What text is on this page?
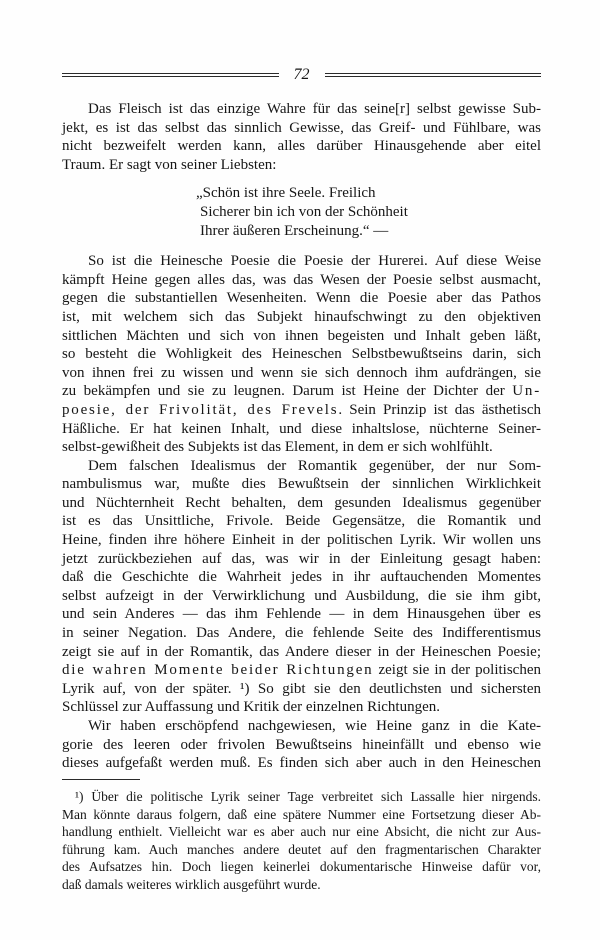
72
Das Fleisch ist das einzige Wahre für das seine[r] selbst gewisse Sub-
jekt, es ist das selbst das sinnlich Gewisse, das Greif- und Fühlbare, was
nicht bezweifelt werden kann, alles darüber Hinausgehende aber eitel
Traum. Er sagt von seiner Liebsten:
„Schön ist ihre Seele. Freilich
Sicherer bin ich von der Schönheit
Ihrer äußeren Erscheinung.“ —
So ist die Heinesche Poesie die Poesie der Hurerei. Auf diese Weise
kämpft Heine gegen alles das, was das Wesen der Poesie selbst ausmacht,
gegen die substantiellen Wesenheiten. Wenn die Poesie aber das Pathos
ist, mit welchem sich das Subjekt hinaufschwingt zu den objektiven
sittlichen Mächten und sich von ihnen begeisten und Inhalt geben läßt,
so besteht die Wohligkeit des Heineschen Selbstbewußtseins darin, sich
von ihnen frei zu wissen und wenn sie sich dennoch ihm aufdrängen, sie
zu bekämpfen und sie zu leugnen. Darum ist Heine der Dichter der Un-
poesie, der Frivolität, des Frevels. Sein Prinzip ist das ästhetisch
Häßliche. Er hat keinen Inhalt, und diese inhaltslose, nüchterne Seiner-
selbst-gewißheit des Subjekts ist das Element, in dem er sich wohlfühlt.
Dem falschen Idealismus der Romantik gegenüber, der nur Som-
nambulismus war, mußte dies Bewußtsein der sinnlichen Wirklichkeit
und Nüchternheit Recht behalten, dem gesunden Idealismus gegenüber
ist es das Unsittliche, Frivole. Beide Gegensätze, die Romantik und
Heine, finden ihre höhere Einheit in der politischen Lyrik. Wir wollen uns
jetzt zurückbeziehen auf das, was wir in der Einleitung gesagt haben:
daß die Geschichte die Wahrheit jedes in ihr auftauchenden Momentes
selbst aufzeigt in der Verwirklichung und Ausbildung, die sie ihm gibt,
und sein Anderes — das ihm Fehlende — in dem Hinausgehen über es
in seiner Negation. Das Andere, die fehlende Seite des Indifferentismus
zeigt sie auf in der Romantik, das Andere dieser in der Heineschen Poesie;
die wahren Momente beider Richtungen zeigt sie in der politischen
Lyrik auf, von der später. ¹) So gibt sie den deutlichsten und sichersten
Schlüssel zur Auffassung und Kritik der einzelnen Richtungen.
Wir haben erschöpfend nachgewiesen, wie Heine ganz in die Kate-
gorie des leeren oder frivolen Bewußtseins hineinfällt und ebenso wie
dieses aufgefaßt werden muß. Es finden sich aber auch in den Heineschen
¹) Über die politische Lyrik seiner Tage verbreitet sich Lassalle hier nirgends.
Man könnte daraus folgern, daß eine spätere Nummer eine Fortsetzung dieser Ab-
handlung enthielt. Vielleicht war es aber auch nur eine Absicht, die nicht zur Aus-
führung kam. Auch manches andere deutet auf den fragmentarischen Charakter
des Aufsatzes hin. Doch liegen keinerlei dokumentarische Hinweise dafür vor,
daß damals weiteres wirklich ausgeführt wurde.
